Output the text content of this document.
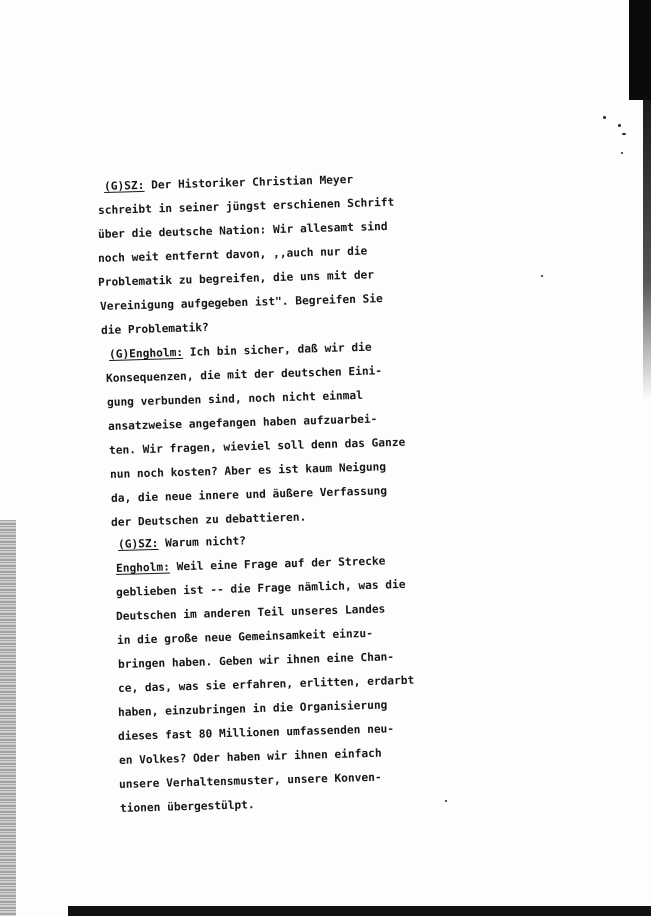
(G)SZ: Der Historiker Christian Meyer
schreibt in seiner jüngst erschienen Schrift
über die deutsche Nation: Wir allesamt sind
noch weit entfernt davon, ,,auch nur die
Problematik zu begreifen, die uns mit der
Vereinigung aufgegeben ist". Begreifen Sie
die Problematik?
(G)Engholm: Ich bin sicher, daß wir die
Konsequenzen, die mit der deutschen Eini-
gung verbunden sind, noch nicht einmal
ansatzweise angefangen haben aufzuarbei-
ten. Wir fragen, wieviel soll denn das Ganze
nun noch kosten? Aber es ist kaum Neigung
da, die neue innere und äußere Verfassung
der Deutschen zu debattieren.
(G)SZ: Warum nicht?
Engholm: Weil eine Frage auf der Strecke
geblieben ist -- die Frage nämlich, was die
Deutschen im anderen Teil unseres Landes
in die große neue Gemeinsamkeit einzu-
bringen haben. Geben wir ihnen eine Chan-
ce, das, was sie erfahren, erlitten, erdarbt
haben, einzubringen in die Organisierung
dieses fast 80 Millionen umfassenden neu-
en Volkes? Oder haben wir ihnen einfach
unsere Verhaltensmuster, unsere Konven-
tionen übergestülpt.
